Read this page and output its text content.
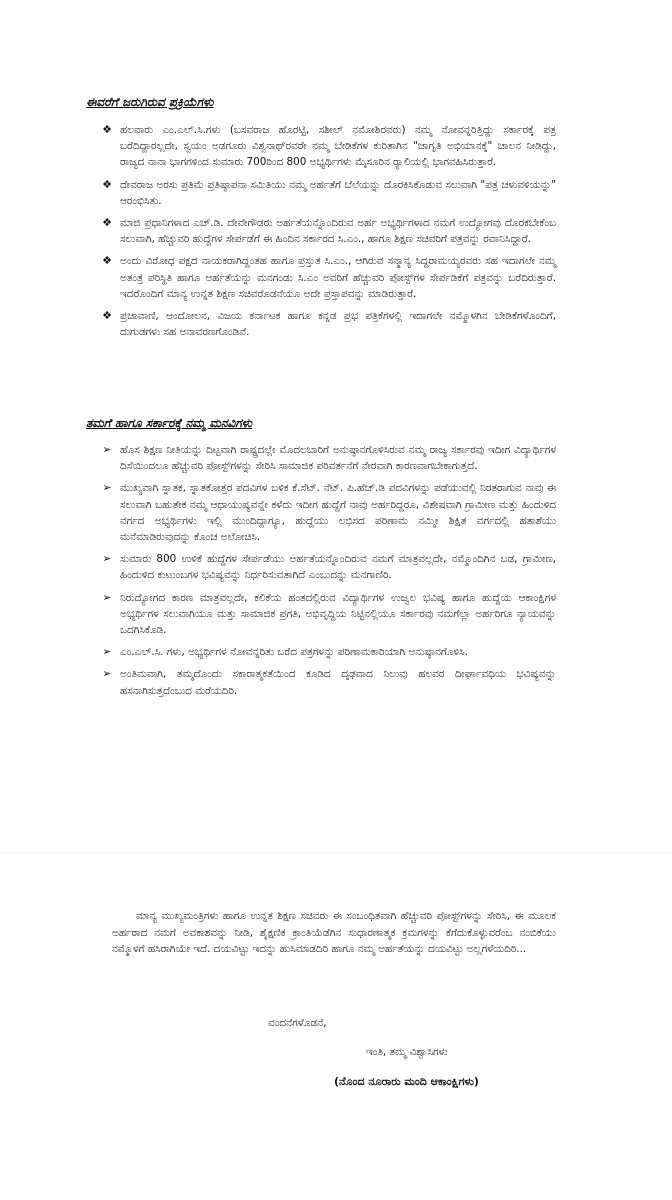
ಈವರೆಗೆ ಜರುಗಿರುವ ಪ್ರಕ್ರಿಯೆಗಳು
❖ ಹಲವಾರು ಎಂ.ಎಲ್.ಸಿ.ಗಳು (ಬಸವರಾಜ ಹೊರಟ್ಟಿ, ಸಶೀಲ್ ನಮೋಶಿರವರು) ನಮ್ಮ ನೋವನ್ನರಿತ್ತಿದ್ದು ಸರ್ಕಾರಕ್ಕೆ ಪತ್ರ ಬರೆದಿದ್ದಾರಲ್ಲದೇ, ಸ್ವಯಂ ಅಡಗೂರು ವಿಶ್ವನಾಥ್‌ರವರೇ ನಮ್ಮ ಬೇಡಿಕೆಗಳ ಕುರಿತಾಗಿನ "ಜಾಗೃತಿ ಅಭಿಯಾನಕ್ಕೆ" ಚಾಲನ ನೀಡಿದ್ದು, ರಾಜ್ಯದ ನಾನಾ ಭಾಗಗಳಿಂದ ಸುಮಾರು 700ರಿಂದ 800 ಅಭ್ಯರ್ಥಿಗಳು ಮೈಸೂರಿನ ರ‍್ಯಾಲಿಯಲ್ಲಿ ಭಾಗವಹಿಸಿರುತ್ತಾರೆ.
❖ ದೇವರಾಜ ಅರಸು ಪ್ರತಿಮೆ ಪ್ರತಿಷ್ಠಾಪನಾ ಸಮಿತಿಯು ನಮ್ಮ ಅರ್ಹತೆಗೆ ಬೆಲೆಯನ್ನು ದೊರಕಿಸಿಕೊಡುವ ಸಲುವಾಗಿ "ಪತ್ರ ಚಳುವಳಿಯನ್ನು" ಆರಂಭಿಸಿತು.
❖ ಮಾಜಿ ಪ್ರಧಾನಿಗಳಾದ ಎಚ್.ಡಿ. ದೇವೇಗೌಡರು ಅರ್ಹತೆಯನ್ನೊಂದಿರುವ ಅರ್ಹ ಅಭ್ಯರ್ಥಿಗಳಾದ ನಮಗೆ ಉದ್ಯೋಗವು ದೊರಕಬೇಕೆಂಬ ಸಲುವಾಗಿ, ಹೆಚ್ಚುವರಿ ಹುದ್ದೆಗಳ ಸೇರ್ಪಡೆಗೆ ಈ ಹಿಂದಿನ ಸರ್ಕಾರದ ಸಿ.ಎಂ., ಹಾಗೂ ಶಿಕ್ಷಣ ಸಚಿವರಿಗೆ ಪತ್ರವನ್ನು ರವಾನಿಸಿದ್ದಾರೆ.
❖ ಅಂದು ವಿರೋಧ ಪಕ್ಷದ ನಾಯಕರಾಗಿದ್ದಂತಹ ಹಾಗೂ ಪ್ರಸ್ತುತ ಸಿ.ಎಂ., ಆಗಿರುವ ಸನ್ಮಾನ್ಯ ಸಿದ್ದರಾಮಯ್ಯರವರು ಸಹ ಇದಾಗಲೇ ನಮ್ಮ ಅತಂತ್ರ ಪರಿಸ್ಥಿತಿ ಹಾಗೂ ಅರ್ಹತೆಯನ್ನು ಮನಗಂಡು ಸಿ.ಎಂ ಅವರಿಗೆ ಹೆಚ್ಚುವರಿ ಪೋಸ್ಟ್‌ಗಳ ಸೇರ್ಪಡಿಕೆಗೆ ಪತ್ರವನ್ನು ಬರೆದಿರುತ್ತಾರೆ. ಇದರೊಂದಿಗೆ ಮಾನ್ಯ ಉನ್ನತ ಶಿಕ್ಷಣ ಸಚಿವರೊಡನೆಯೂ ಅದೇ ಪ್ರಸ್ತಾಪವನ್ನು ಮಾಡಿರುತ್ತಾರೆ.
❖ ಪ್ರಜಾವಾಣಿ, ಆಂದೋಲನ, ವಿಜಯ ಕರ್ನಾಟಕ ಹಾಗೂ ಕನ್ನಡ ಪ್ರಭ ಪತ್ರಿಕೆಗಳಲ್ಲಿ ಇದಾಗಲೇ ನಮ್ಮೊಳಗಿನ ಬೇಡಿಕೆಗಳೊಂದಿಗೆ, ದುಗುಡಗಳು ಸಹ ಅನಾವರಣಗೊಂಡಿವೆ.
ತಮಗೆ ಹಾಗೂ ಸರ್ಕಾರಕ್ಕೆ ನಮ್ಮ ಮನವಿಗಳು
➢ ಹೊಸ ಶಿಕ್ಷಣ ನೀತಿಯನ್ನು ದಿಟ್ಟವಾಗಿ ರಾಷ್ಟ್ರದಲ್ಲೇ ಮೊದಲಬಾರಿಗೆ ಅನುಷ್ಠಾನಗೊಳಿಸಿರುವ ನಮ್ಮ ರಾಜ್ಯ ಸರ್ಕಾರವು ಇದೀಗ ವಿದ್ಯಾರ್ಥಿಗಳ ದಿಸೆಯಿಂದಲೂ ಹೆಚ್ಚುವರಿ ಪೋಸ್ಟ್‌ಗಳನ್ನು ಸೇರಿಸಿ ಸಾಮಾಜಿಕ ಪರಿವರ್ತನೆಗೆ ನೇರವಾಗಿ ಕಾರಣವಾಗಬೇಕಾಗುತ್ತದೆ.
➢ ಮುಖ್ಯವಾಗಿ ಸ್ನಾತಕ, ಸ್ನಾತಕೋತ್ತರ ಪದವಿಗಳ ಬಳಿಕ ಕೆ.ಸೆಟ್. ನೆಟ್. ಪಿ.ಹೆಚ್.ಡಿ ಪದವಿಗಳನ್ನು ಪಡೆಯುವಲ್ಲಿ ನಿರತರಾಗುವ ನಾವು ಈ ಸಲುವಾಗಿ ಬಹುತೇಕ ನಮ್ಮ ಆಧಾಯುಷ್ಯವನ್ನೇ ಕಳೆದು ಇದೀಗ ಹುದ್ದೆಗೆ ನಾವು ಅರ್ಹರಿದ್ದರೂ, ವಿಶೇಷವಾಗಿ ಗ್ರಾಮೀಣ ಮತ್ತು ಹಿಂದುಳಿದ ವರ್ಗದ ಅಭ್ಯರ್ಥಿಗಳು ಇಲ್ಲಿ ಮುಂದಿದ್ದಾಗ್ಯೂ, ಹುದ್ದೆಯು ಲಭಿಸದ ಪರಿಣಾಮ ನಮ್ಮೀ ಶಿಕ್ಷಿತ ವರ್ಗದಲ್ಲಿ ಹತಾಶೆಯು ಮನೆಮಾಡಿರುವುದನ್ನು ಕೊಂಚ ಅಲೋಚಿಸಿ.
➢ ಸುಮಾರು 800 ಉಳಿಕೆ ಹುದ್ದೆಗಳ ಸೇರ್ಪಡೆಯು ಅರ್ಹತೆಯನ್ನೊಂದಿರುವ ನಮಗೆ ಮಾತ್ರವಲ್ಲದೇ, ನಮ್ಮೊಂದಿಗಿನ ಬಡ, ಗ್ರಾಮೀಣ, ಹಿಂದುಳಿದ ಕುಟುಂಬಗಳ ಭವಿಷ್ಯವನ್ನು ನಿರ್ಧರಿಸುವತಾಗಿದೆ ಎಂಬುದನ್ನು ಮನಗಾಣಿರಿ.
➢ ನಿರುದ್ಯೋಗದ ಕಾರಣ ಮಾತ್ರವಲ್ಲದೇ, ಕಲಿಕೆಯ ಹಂತದಲ್ಲಿರುವ ವಿದ್ಯಾರ್ಥಿಗಳ ಉಜ್ವಲ ಭವಿಷ್ಯ ಹಾಗೂ ಹುದ್ದೆಯ ಆಕಾಂಕ್ಷಿಗಳ ಅಭ್ಯರ್ಥಿಗಳ ಸಲುವಾಗಿಯೂ ಮತ್ತು ಸಾಮಾಜಿಕ ಪ್ರಗತಿ, ಅಭಿವೃದ್ಧಿಯ ನಿಟ್ಟಿನಲ್ಲಿಯೂ ಸರ್ಕಾರವು ನಮಗೆಲ್ಲಾ ಅರ್ಹರಿಗೂ ನ್ಯಾಯವನ್ನು ಒದಗಿಸಿಕೊಡಿ.
➢ ಎಂ.ಎಲ್.ಸಿ. ಗಳು, ಅಭ್ಯರ್ಥಿಗಳ ನೋವನ್ನರಿತು ಬರೆದ ಪತ್ರಗಳನ್ನು ಪರಿಣಾಮಕಾರಿಯಾಗಿ ಅನುಷ್ಠಾನಗೊಳಿಸಿ.
➢ ಅಂತಿಮವಾಗಿ, ತಮ್ಮದೊಂದು ಸಕಾರಾತ್ಮಕತೆಯಿಂದ ಕೂಡಿದ ದೃಢವಾದ ನಿಲುವು ಹಲವರ ದೀರ್ಘಾವಧಿಯ ಭವಿಷ್ಯವನ್ನು ಹಸನಾಗಿಸುತ್ತದೆಂಬುದ ಮರೆಯದಿರಿ.

ಮಾನ್ಯ ಮುಖ್ಯಮಂತ್ರಿಗಳು ಹಾಗೂ ಉನ್ನತ ಶಿಕ್ಷಣ ಸಚಿವರು ಈ ಸಂಬಂಧಿತವಾಗಿ ಹೆಚ್ಚುವರಿ ಪೋಸ್ಟ್‌ಗಳನ್ನು ಸೇರಿಸಿ, ಈ ಮೂಲಕ ಅರ್ಹರಾದ ನಮಗೆ ಅವಕಾಶವನ್ನು ನೀಡಿ, ಶೈಕ್ಷಣಿಕ ಕ್ರಾಂತಿಯೆಡೆಗಿನ ಸುಧಾರಣಾತ್ಮಕ ಕ್ರಮಗಳನ್ನು ಕೆಗೆದುಕೊಳ್ಳುವರೆಂಬ ನಂಬಿಕೆಯು ನಮ್ಮೊಳಗೆ ಹಸಿರಾಗಿಯೇ ಇದೆ. ದಯವಿಟ್ಟು ಇದನ್ನು ಹುಸಿಮಾಡದಿರಿ ಹಾಗೂ ನಮ್ಮ ಅರ್ಹತೆಯನ್ನು ದಯವಿಟ್ಟು ಅಲ್ಲಗಳೆಯದಿರಿ...

ವಂದನೆಗಳೊಡನೆ,
ಇಂತಿ, ತಮ್ಮ ವಿಶ್ವಾಸಿಗಳು
(ನೊಂದ ನೂರಾರು ಮಂದಿ ಆಕಾಂಕ್ಷಿಗಳು)
